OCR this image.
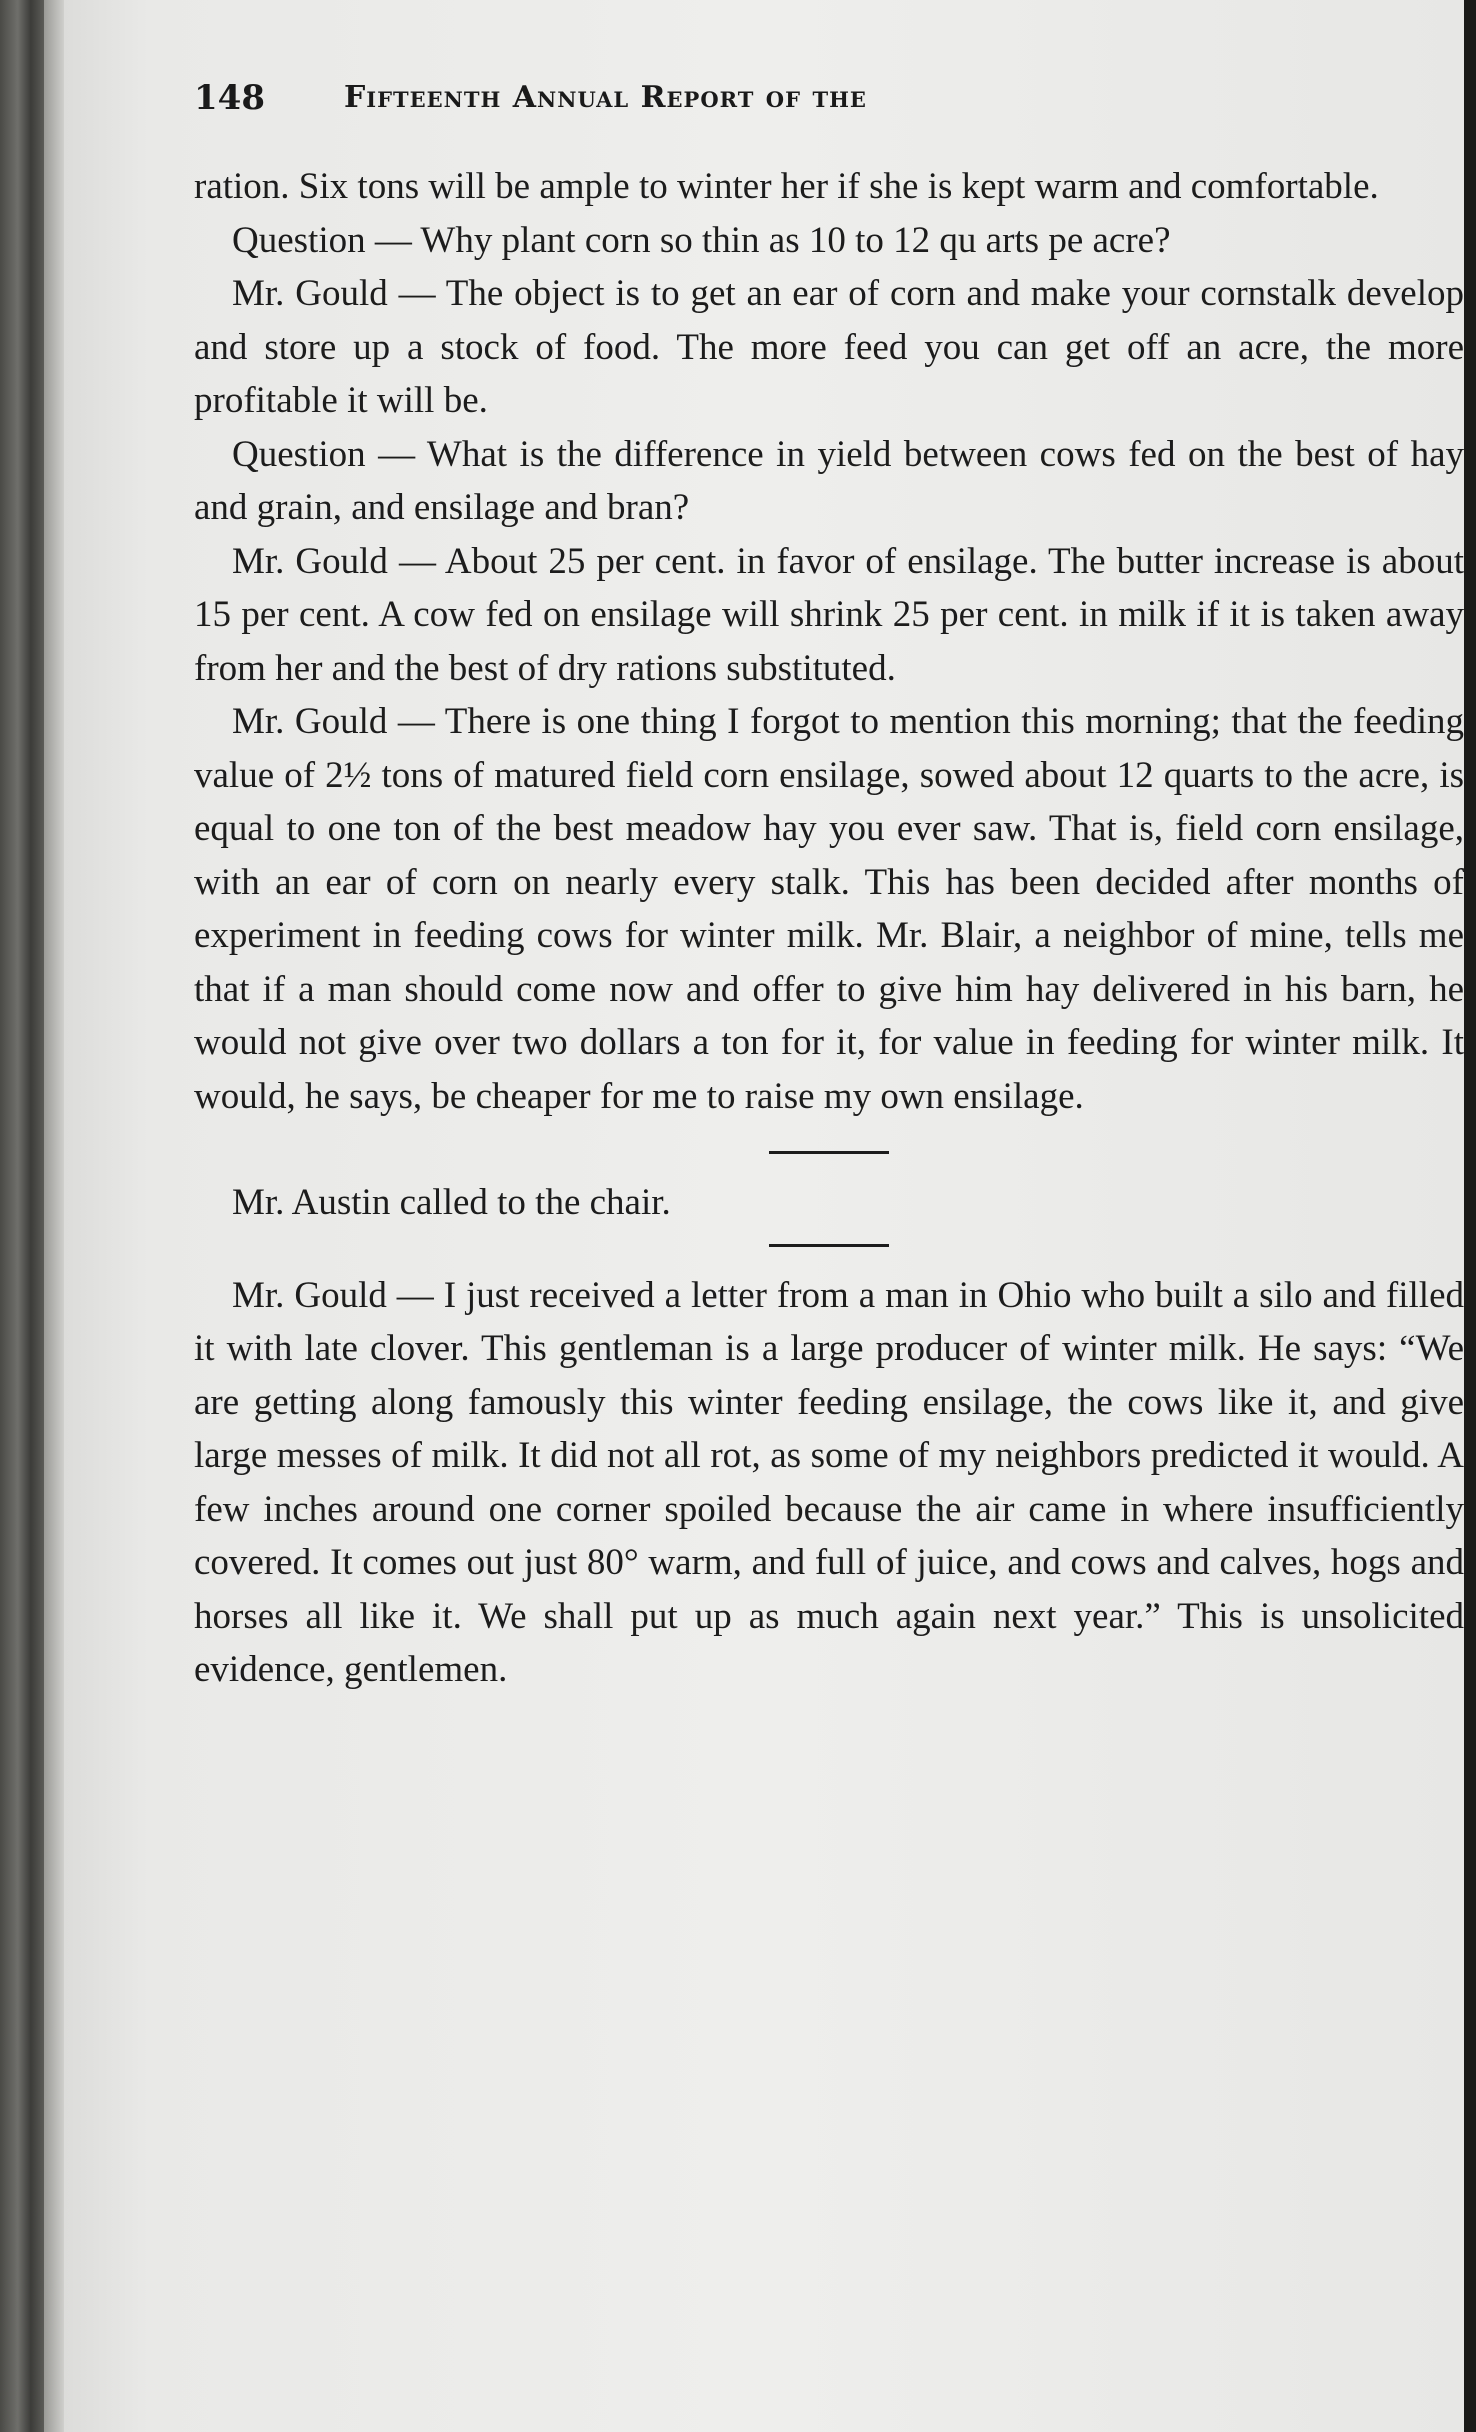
148	Fifteenth Annual Report of the

ration. Six tons will be ample to winter her if she is kept warm and comfortable.

Question — Why plant corn so thin as 10 to 12 qu arts pe acre?

Mr. Gould — The object is to get an ear of corn and make your cornstalk develop and store up a stock of food. The more feed you can get off an acre, the more profitable it will be.

Question — What is the difference in yield between cows fed on the best of hay and grain, and ensilage and bran?

Mr. Gould — About 25 per cent. in favor of ensilage. The butter increase is about 15 per cent. A cow fed on ensilage will shrink 25 per cent. in milk if it is taken away from her and the best of dry rations substituted.

Mr. Gould — There is one thing I forgot to mention this morning; that the feeding value of 2½ tons of matured field corn ensilage, sowed about 12 quarts to the acre, is equal to one ton of the best meadow hay you ever saw. That is, field corn ensilage, with an ear of corn on nearly every stalk. This has been decided after months of experiment in feeding cows for winter milk. Mr. Blair, a neighbor of mine, tells me that if a man should come now and offer to give him hay delivered in his barn, he would not give over two dollars a ton for it, for value in feeding for winter milk. It would, he says, be cheaper for me to raise my own ensilage.

Mr. Austin called to the chair.

Mr. Gould — I just received a letter from a man in Ohio who built a silo and filled it with late clover. This gentleman is a large producer of winter milk. He says: “We are getting along famously this winter feeding ensilage, the cows like it, and give large messes of milk. It did not all rot, as some of my neighbors predicted it would. A few inches around one corner spoiled because the air came in where insufficiently covered. It comes out just 80° warm, and full of juice, and cows and calves, hogs and horses all like it. We shall put up as much again next year.” This is unsolicited evidence, gentlemen.
